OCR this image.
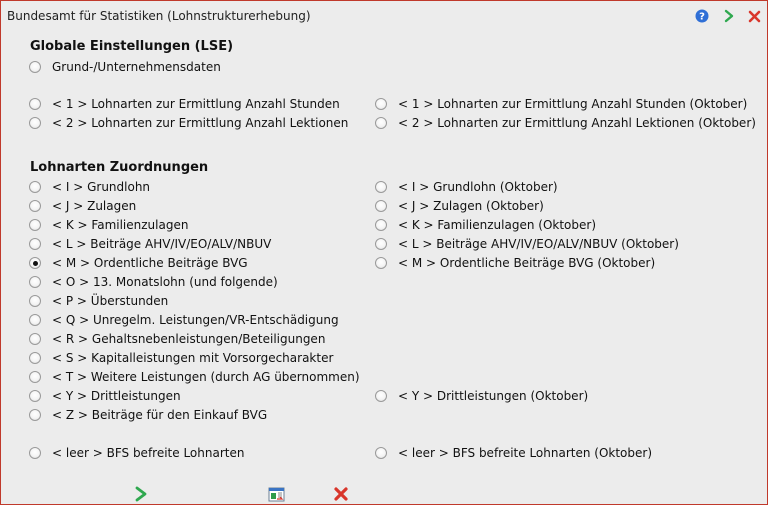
Bundesamt für Statistiken (Lohnstrukturerhebung)	?
Globale Einstellungen (LSE)
Grund-/Unternehmensdaten
< 1 > Lohnarten zur Ermittlung Anzahl Stunden	< 1 > Lohnarten zur Ermittlung Anzahl Stunden (Oktober)
< 2 > Lohnarten zur Ermittlung Anzahl Lektionen	< 2 > Lohnarten zur Ermittlung Anzahl Lektionen (Oktober)
Lohnarten Zuordnungen
< I > Grundlohn	< I > Grundlohn (Oktober)
< J > Zulagen	< J > Zulagen (Oktober)
< K > Familienzulagen	< K > Familienzulagen (Oktober)
< L > Beiträge AHV/IV/EO/ALV/NBUV	< L > Beiträge AHV/IV/EO/ALV/NBUV (Oktober)
< M > Ordentliche Beiträge BVG	< M > Ordentliche Beiträge BVG (Oktober)
< O > 13. Monatslohn (und folgende)
< P > Überstunden
< Q > Unregelm. Leistungen/VR-Entschädigung
< R > Gehaltsnebenleistungen/Beteiligungen
< S > Kapitalleistungen mit Vorsorgecharakter
< T > Weitere Leistungen (durch AG übernommen)
< Y > Drittleistungen	< Y > Drittleistungen (Oktober)
< Z > Beiträge für den Einkauf BVG
< leer > BFS befreite Lohnarten	< leer > BFS befreite Lohnarten (Oktober)
